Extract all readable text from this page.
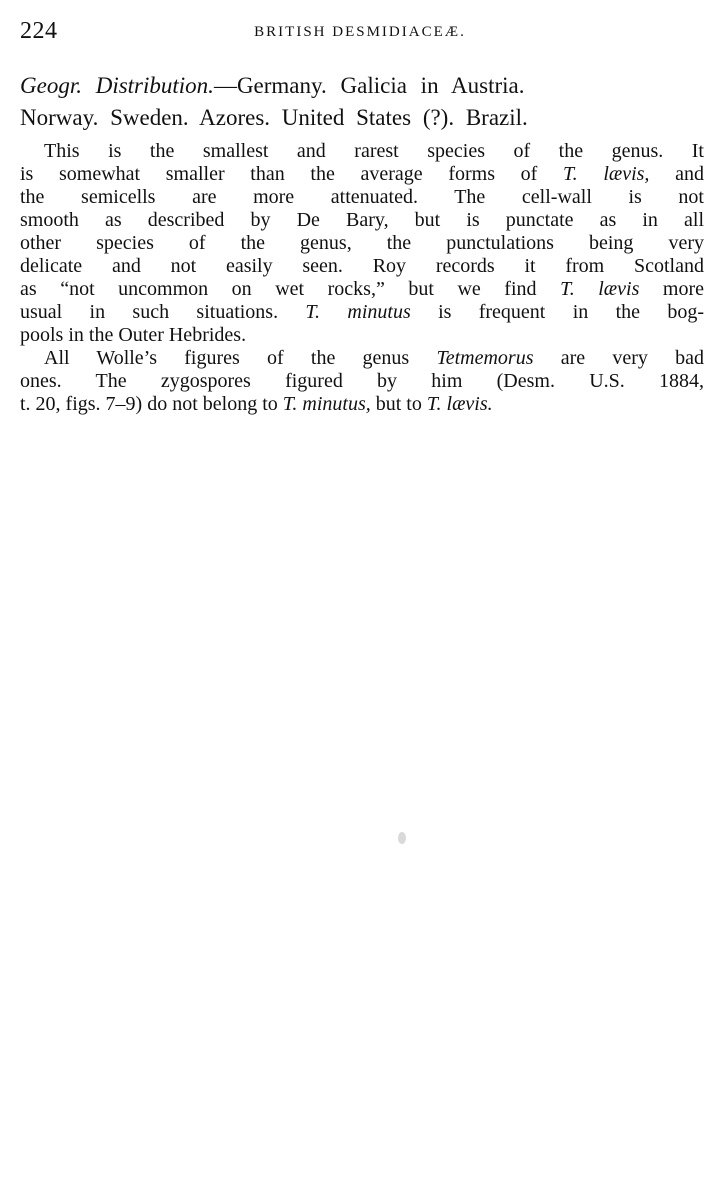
224	BRITISH DESMIDIACEÆ.

Geogr. Distribution.—Germany. Galicia in Austria.
Norway. Sweden. Azores. United States (?). Brazil.

This is the smallest and rarest species of the genus. It
is somewhat smaller than the average forms of T. lævis, and
the semicells are more attenuated. The cell-wall is not
smooth as described by De Bary, but is punctate as in all
other species of the genus, the punctulations being very
delicate and not easily seen. Roy records it from Scotland
as “not uncommon on wet rocks,” but we find T. lævis more
usual in such situations. T. minutus is frequent in the bog-
pools in the Outer Hebrides.

All Wolle’s figures of the genus Tetmemorus are very bad
ones. The zygospores figured by him (Desm. U.S. 1884,
t. 20, figs. 7–9) do not belong to T. minutus, but to T. lævis.
